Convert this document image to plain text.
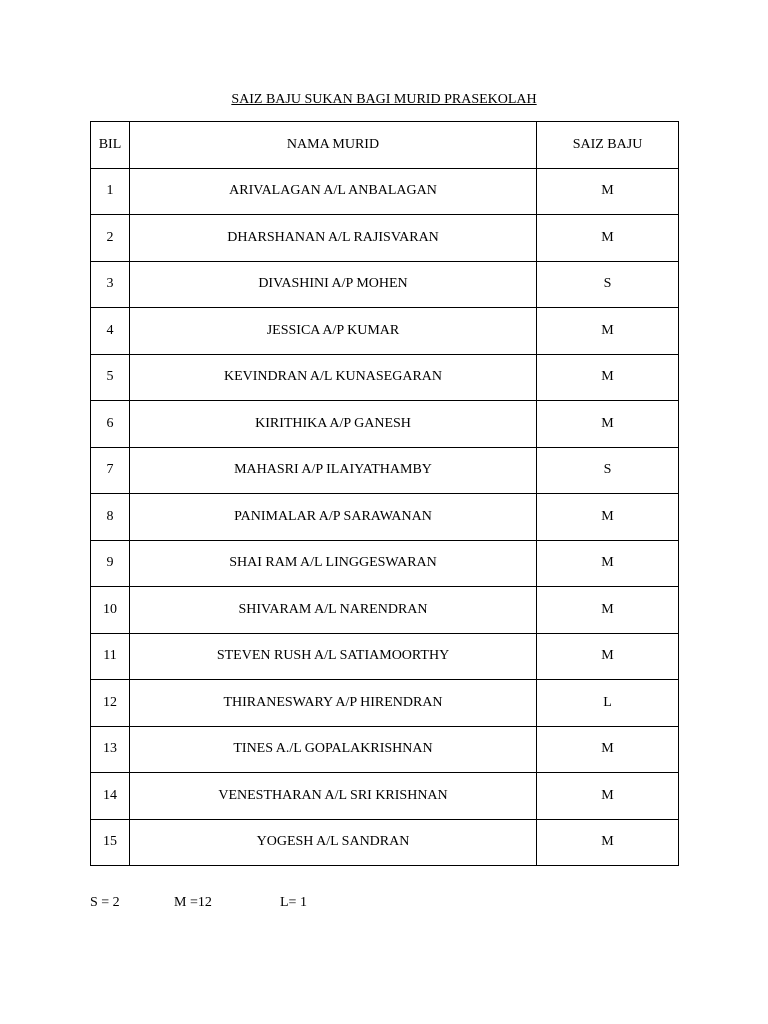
SAIZ BAJU SUKAN BAGI MURID PRASEKOLAH
BIL	NAMA MURID	SAIZ BAJU
1	ARIVALAGAN A/L ANBALAGAN	M
2	DHARSHANAN A/L RAJISVARAN	M
3	DIVASHINI A/P MOHEN	S
4	JESSICA A/P KUMAR	M
5	KEVINDRAN A/L KUNASEGARAN	M
6	KIRITHIKA A/P GANESH	M
7	MAHASRI A/P ILAIYATHAMBY	S
8	PANIMALAR A/P SARAWANAN	M
9	SHAI RAM A/L LINGGESWARAN	M
10	SHIVARAM A/L NARENDRAN	M
11	STEVEN RUSH A/L SATIAMOORTHY	M
12	THIRANESWARY A/P HIRENDRAN	L
13	TINES A./L GOPALAKRISHNAN	M
14	VENESTHARAN A/L SRI KRISHNAN	M
15	YOGESH A/L SANDRAN	M
S = 2	M =12	L= 1
